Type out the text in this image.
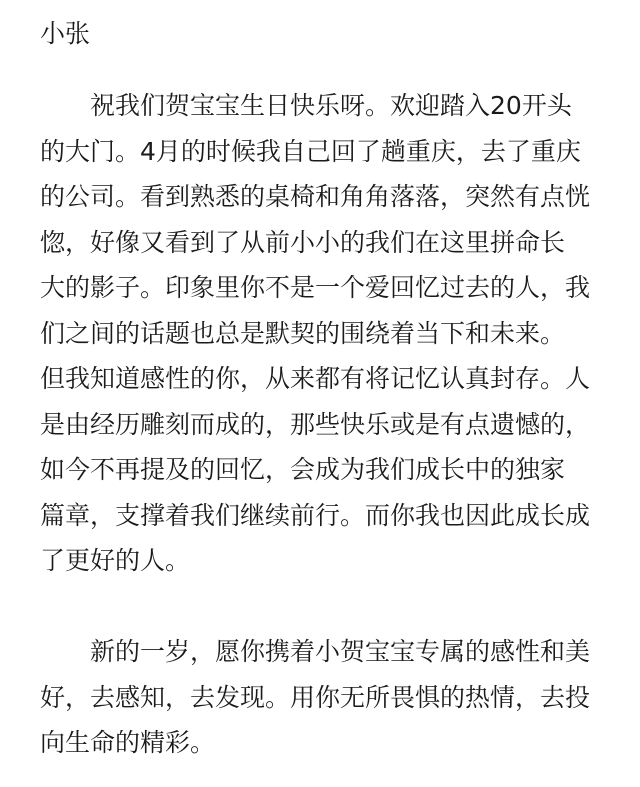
小张
　　祝我们贺宝宝生日快乐呀。欢迎踏入20开头
的大门。4月的时候我自己回了趟重庆，去了重庆
的公司。看到熟悉的桌椅和角角落落，突然有点恍
惚，好像又看到了从前小小的我们在这里拼命长
大的影子。印象里你不是一个爱回忆过去的人，我
们之间的话题也总是默契的围绕着当下和未来。
但我知道感性的你，从来都有将记忆认真封存。人
是由经历雕刻而成的，那些快乐或是有点遗憾的，
如今不再提及的回忆，会成为我们成长中的独家
篇章，支撑着我们继续前行。而你我也因此成长成
了更好的人。
　　新的一岁，愿你携着小贺宝宝专属的感性和美
好，去感知，去发现。用你无所畏惧的热情，去投
向生命的精彩。
